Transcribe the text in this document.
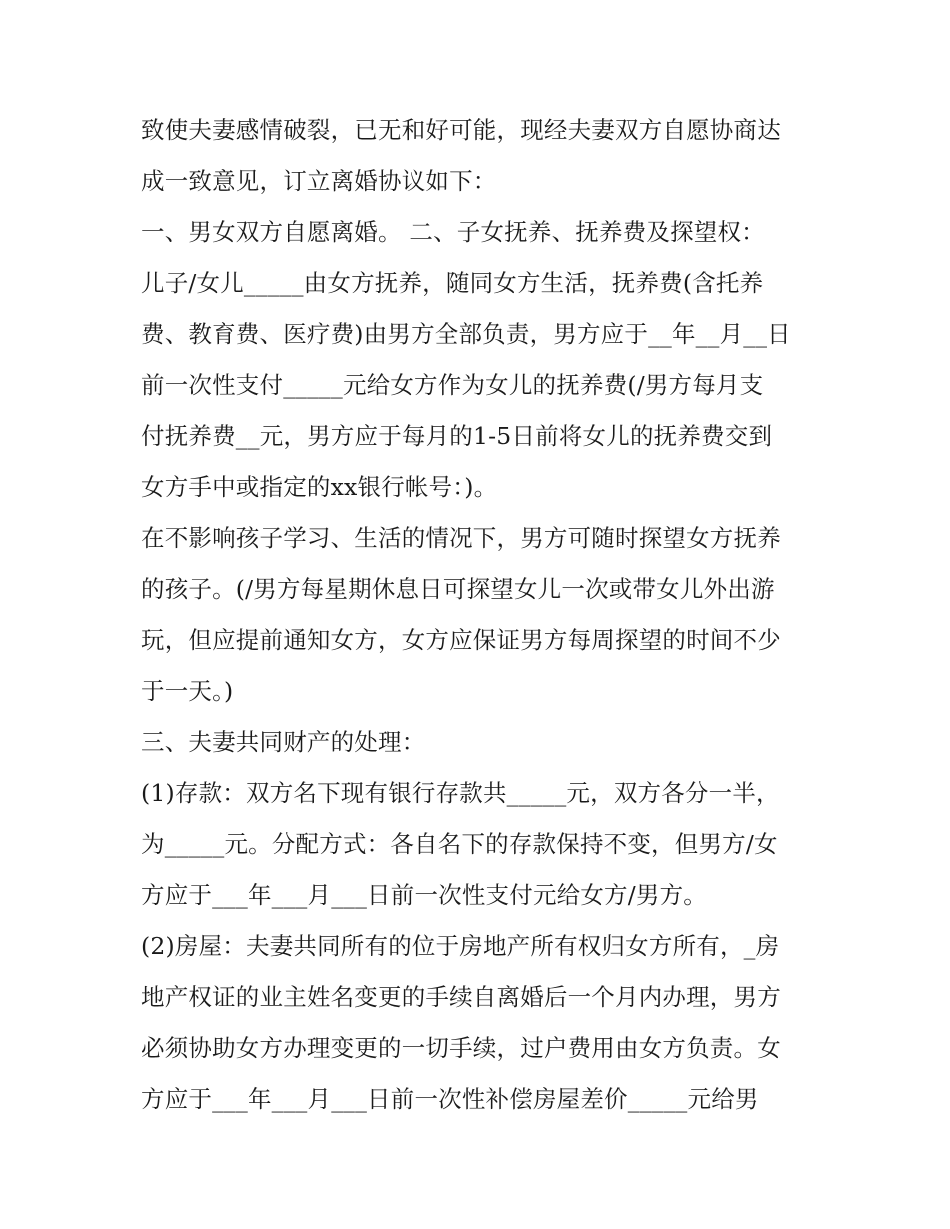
致使夫妻感情破裂，已无和好可能，现经夫妻双方自愿协商达
成一致意见，订立离婚协议如下：
一、男女双方自愿离婚。 二、子女抚养、抚养费及探望权：
儿子/女儿_____由女方抚养，随同女方生活，抚养费(含托养
费、教育费、医疗费)由男方全部负责，男方应于__年__月__日
前一次性支付_____元给女方作为女儿的抚养费(/男方每月支
付抚养费__元，男方应于每月的1-5日前将女儿的抚养费交到
女方手中或指定的xx银行帐号：)。
在不影响孩子学习、生活的情况下，男方可随时探望女方抚养
的孩子。(/男方每星期休息日可探望女儿一次或带女儿外出游
玩，但应提前通知女方，女方应保证男方每周探望的时间不少
于一天。)
三、夫妻共同财产的处理：
(1)存款：双方名下现有银行存款共_____元，双方各分一半，
为_____元。分配方式：各自名下的存款保持不变，但男方/女
方应于___年___月___日前一次性支付元给女方/男方。
(2)房屋：夫妻共同所有的位于房地产所有权归女方所有，_房
地产权证的业主姓名变更的手续自离婚后一个月内办理，男方
必须协助女方办理变更的一切手续，过户费用由女方负责。女
方应于___年___月___日前一次性补偿房屋差价_____元给男
